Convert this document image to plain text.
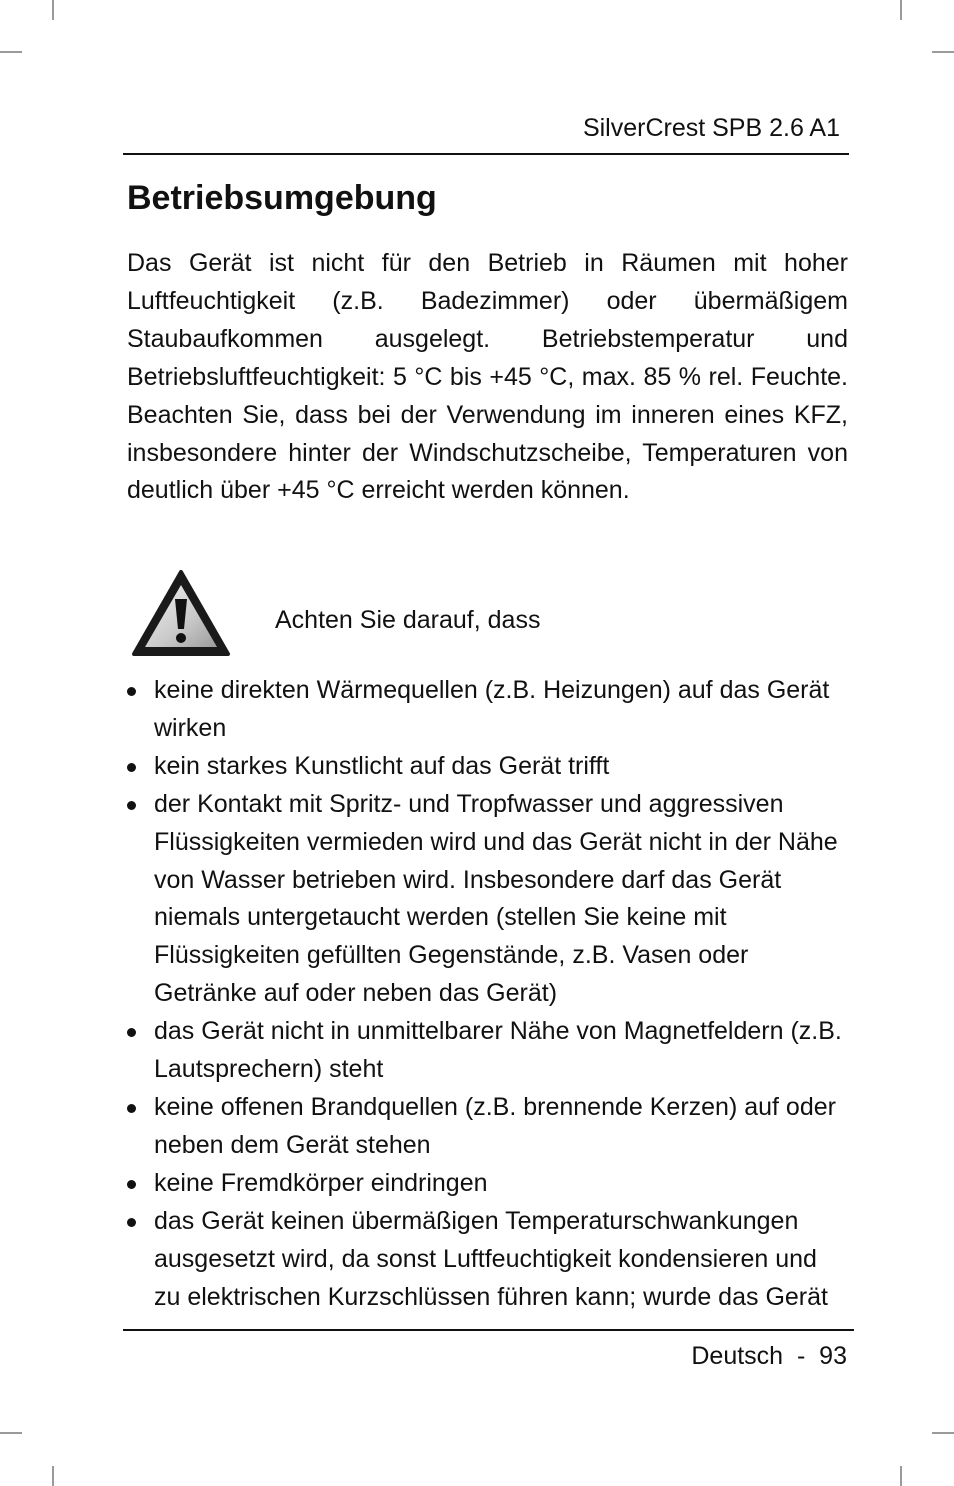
SilverCrest SPB 2.6 A1
Betriebsumgebung

Das Gerät ist nicht für den Betrieb in Räumen mit hoher Luftfeuchtigkeit (z.B. Badezimmer) oder übermäßigem Staubaufkommen ausgelegt. Betriebstemperatur und Betriebsluftfeuchtigkeit: 5 °C bis +45 °C, max. 85 % rel. Feuchte. Beachten Sie, dass bei der Verwendung im inneren eines KFZ, insbesondere hinter der Windschutzscheibe, Temperaturen von deutlich über +45 °C erreicht werden können.

Achten Sie darauf, dass
keine direkten Wärmequellen (z.B. Heizungen) auf das Gerät wirken
kein starkes Kunstlicht auf das Gerät trifft
der Kontakt mit Spritz- und Tropfwasser und aggressiven Flüssigkeiten vermieden wird und das Gerät nicht in der Nähe von Wasser betrieben wird. Insbesondere darf das Gerät niemals untergetaucht werden (stellen Sie keine mit Flüssigkeiten gefüllten Gegenstände, z.B. Vasen oder Getränke auf oder neben das Gerät)
das Gerät nicht in unmittelbarer Nähe von Magnetfeldern (z.B. Lautsprechern) steht
keine offenen Brandquellen (z.B. brennende Kerzen) auf oder neben dem Gerät stehen
keine Fremdkörper eindringen
das Gerät keinen übermäßigen Temperaturschwankungen ausgesetzt wird, da sonst Luftfeuchtigkeit kondensieren und zu elektrischen Kurzschlüssen führen kann; wurde das Gerät
Deutsch  -  93
